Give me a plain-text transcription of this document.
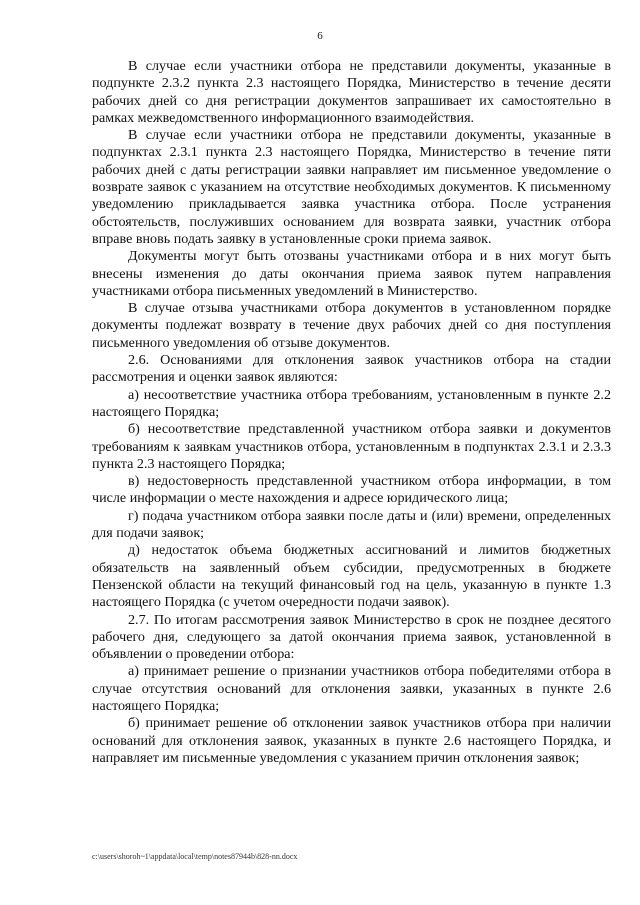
6

В случае если участники отбора не представили документы, указанные в подпункте 2.3.2 пункта 2.3 настоящего Порядка, Министерство в течение десяти рабочих дней со дня регистрации документов запрашивает их самостоятельно в рамках межведомственного информационного взаимодействия.

В случае если участники отбора не представили документы, указанные в подпунктах 2.3.1 пункта 2.3 настоящего Порядка, Министерство в течение пяти рабочих дней с даты регистрации заявки направляет им письменное уведомление о возврате заявок с указанием на отсутствие необходимых документов. К письменному уведомлению прикладывается заявка участника отбора. После устранения обстоятельств, послуживших основанием для возврата заявки, участник отбора вправе вновь подать заявку в установленные сроки приема заявок.

Документы могут быть отозваны участниками отбора и в них могут быть внесены изменения до даты окончания приема заявок путем направления участниками отбора письменных уведомлений в Министерство.

В случае отзыва участниками отбора документов в установленном порядке документы подлежат возврату в течение двух рабочих дней со дня поступления письменного уведомления об отзыве документов.

2.6. Основаниями для отклонения заявок участников отбора на стадии рассмотрения и оценки заявок являются:

а) несоответствие участника отбора требованиям, установленным в пункте 2.2 настоящего Порядка;

б) несоответствие представленной участником отбора заявки и документов требованиям к заявкам участников отбора, установленным в подпунктах 2.3.1 и 2.3.3 пункта 2.3 настоящего Порядка;

в) недостоверность представленной участником отбора информации, в том числе информации о месте нахождения и адресе юридического лица;

г) подача участником отбора заявки после даты и (или) времени, определенных для подачи заявок;

д) недостаток объема бюджетных ассигнований и лимитов бюджетных обязательств на заявленный объем субсидии, предусмотренных в бюджете Пензенской области на текущий финансовый год на цель, указанную в пункте 1.3 настоящего Порядка (с учетом очередности подачи заявок).

2.7. По итогам рассмотрения заявок Министерство в срок не позднее десятого рабочего дня, следующего за датой окончания приема заявок, установленной в объявлении о проведении отбора:

а) принимает решение о признании участников отбора победителями отбора в случае отсутствия оснований для отклонения заявки, указанных в пункте 2.6 настоящего Порядка;

б) принимает решение об отклонении заявок участников отбора при наличии оснований для отклонения заявок, указанных в пункте 2.6 настоящего Порядка, и направляет им письменные уведомления с указанием причин отклонения заявок;

c:\users\shoroh~1\appdata\local\temp\notes87944b\828-nn.docx
